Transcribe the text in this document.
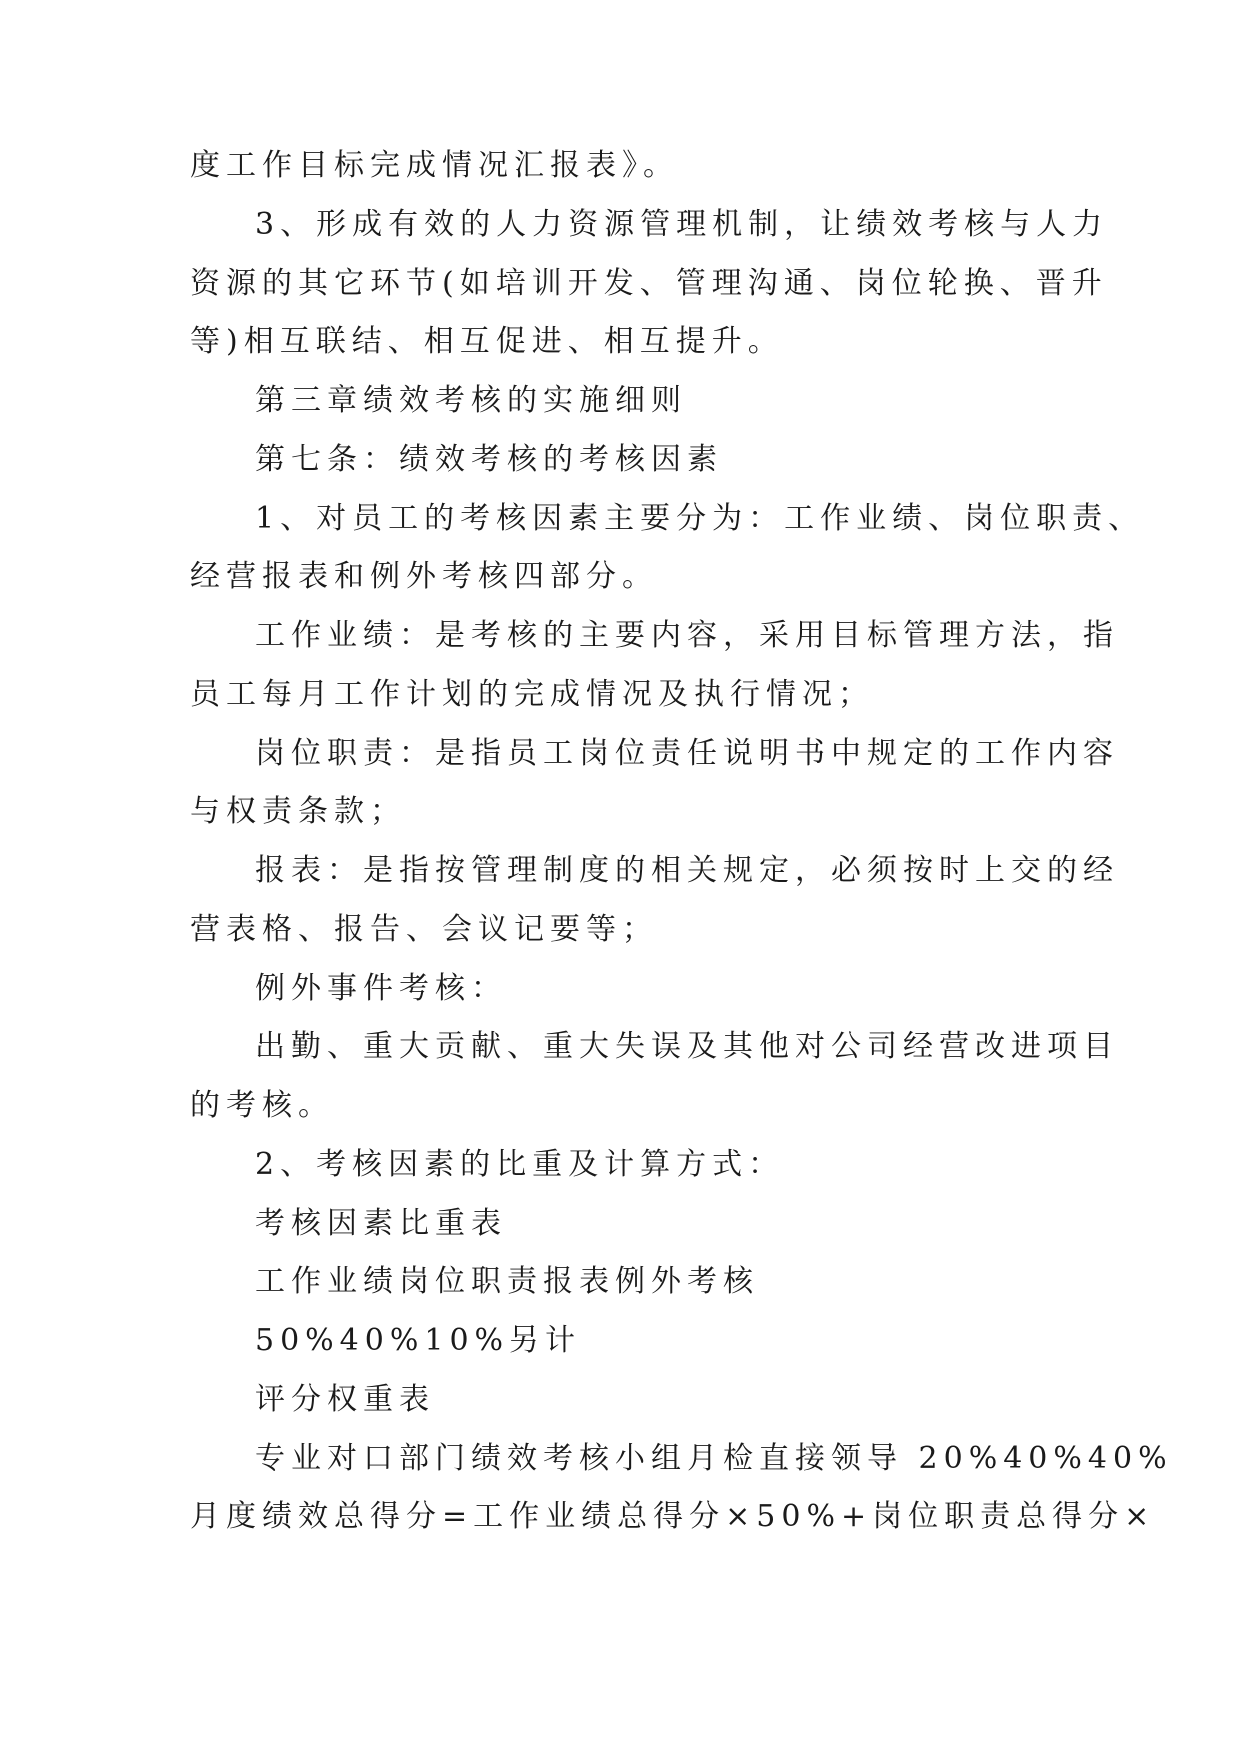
度工作目标完成情况汇报表》。
3、形成有效的人力资源管理机制，让绩效考核与人力
资源的其它环节(如培训开发、管理沟通、岗位轮换、晋升
等)相互联结、相互促进、相互提升。
第三章绩效考核的实施细则
第七条：绩效考核的考核因素
1、对员工的考核因素主要分为：工作业绩、岗位职责、
经营报表和例外考核四部分。
工作业绩：是考核的主要内容，采用目标管理方法，指
员工每月工作计划的完成情况及执行情况；
岗位职责：是指员工岗位责任说明书中规定的工作内容
与权责条款；
报表：是指按管理制度的相关规定，必须按时上交的经
营表格、报告、会议记要等；
例外事件考核：
出勤、重大贡献、重大失误及其他对公司经营改进项目
的考核。
2、考核因素的比重及计算方式：
考核因素比重表
工作业绩岗位职责报表例外考核
50%40%10%另计
评分权重表
专业对口部门绩效考核小组月检直接领导 20%40%40%
月度绩效总得分=工作业绩总得分×50%+岗位职责总得分×
